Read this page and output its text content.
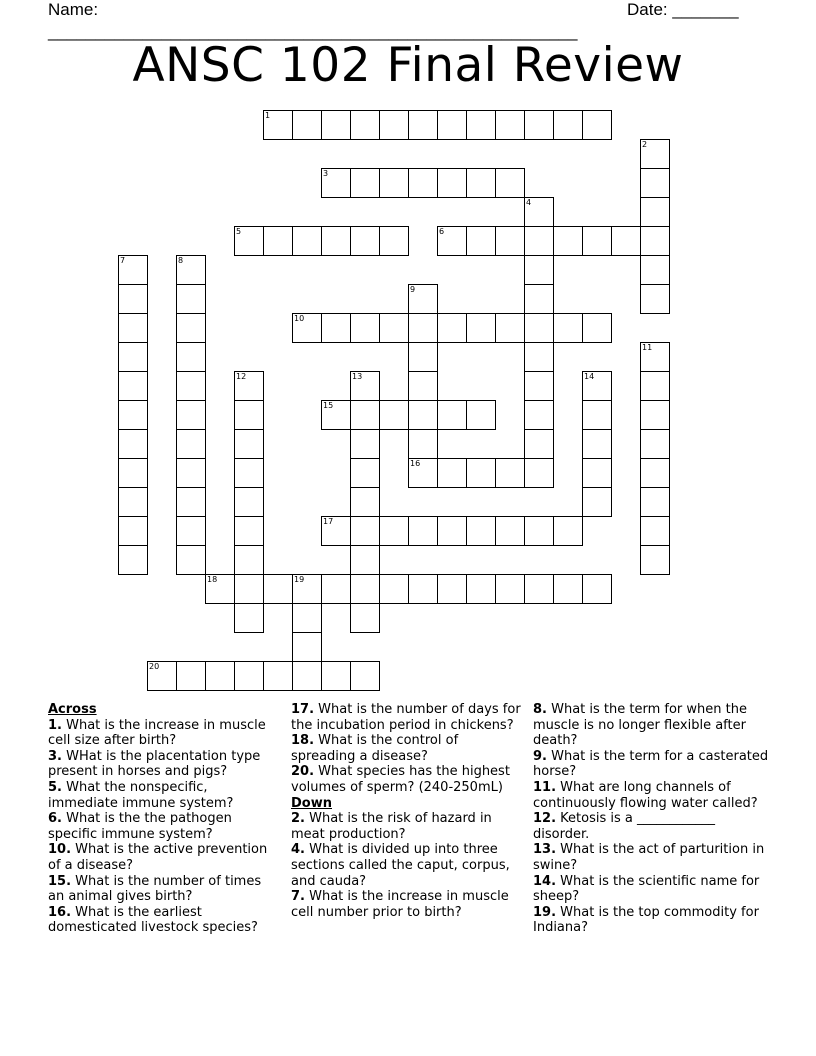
Name: ________________________________________________________
Date: _______
ANSC 102 Final Review
1
2
3
4
5	6
7	8
9
10
11
12	13	14
15
16
17
18	19
20
Across
1. What is the increase in muscle cell size after birth?
3. WHat is the placentation type present in horses and pigs?
5. What the nonspecific, immediate immune system?
6. What is the the pathogen specific immune system?
10. What is the active prevention of a disease?
15. What is the number of times an animal gives birth?
16. What is the earliest domesticated livestock species?
17. What is the number of days for the incubation period in chickens?
18. What is the control of spreading a disease?
20. What species has the highest volumes of sperm? (240-250mL)
Down
2. What is the risk of hazard in meat production?
4. What is divided up into three sections called the caput, corpus, and cauda?
7. What is the increase in muscle cell number prior to birth?
8. What is the term for when the muscle is no longer flexible after death?
9. What is the term for a casterated horse?
11. What are long channels of continuously flowing water called?
12. Ketosis is a ____________ disorder.
13. What is the act of parturition in swine?
14. What is the scientific name for sheep?
19. What is the top commodity for Indiana?
